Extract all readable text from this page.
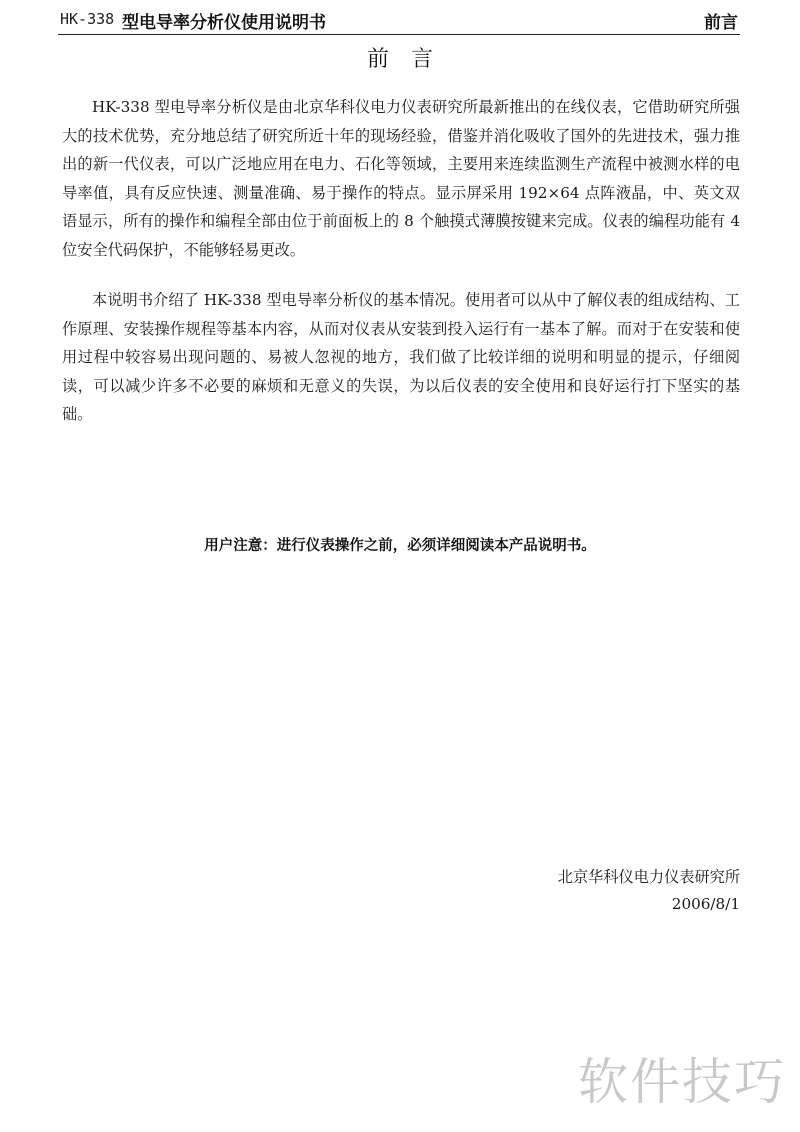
HK-338 型电导率分析仪使用说明书	前言
前言

HK-338 型电导率分析仪是由北京华科仪电力仪表研究所最新推出的在线仪表，它借助研究所强大的技术优势，充分地总结了研究所近十年的现场经验，借鉴并消化吸收了国外的先进技术，强力推出的新一代仪表，可以广泛地应用在电力、石化等领域，主要用来连续监测生产流程中被测水样的电导率值，具有反应快速、测量准确、易于操作的特点。显示屏采用 192×64 点阵液晶，中、英文双语显示，所有的操作和编程全部由位于前面板上的 8 个触摸式薄膜按键来完成。仪表的编程功能有 4 位安全代码保护，不能够轻易更改。

本说明书介绍了 HK-338 型电导率分析仪的基本情况。使用者可以从中了解仪表的组成结构、工作原理、安装操作规程等基本内容，从而对仪表从安装到投入运行有一基本了解。而对于在安装和使用过程中较容易出现问题的、易被人忽视的地方，我们做了比较详细的说明和明显的提示，仔细阅读，可以减少许多不必要的麻烦和无意义的失误，为以后仪表的安全使用和良好运行打下坚实的基础。

用户注意：进行仪表操作之前，必须详细阅读本产品说明书。
北京华科仪电力仪表研究所
2006/8/1
软件技巧
